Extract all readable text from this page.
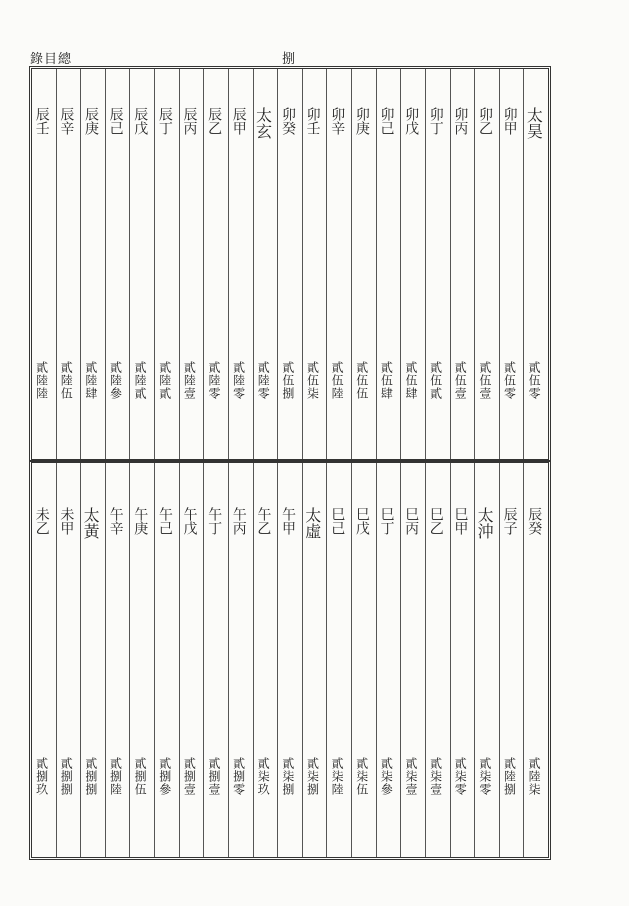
錄目總	捌
太昊
貳伍零
卯甲
貳伍零
卯乙
貳伍壹
卯丙
貳伍壹
卯丁
貳伍貳
卯戊
貳伍肆
卯己
貳伍肆
卯庚
貳伍伍
卯辛
貳伍陸
卯壬
貳伍柒
卯癸
貳伍捌
太玄
貳陸零
辰甲
貳陸零
辰乙
貳陸零
辰丙
貳陸壹
辰丁
貳陸貳
辰戊
貳陸貳
辰己
貳陸參
辰庚
貳陸肆
辰辛
貳陸伍
辰壬
貳陸陸
辰癸
貳陸柒
辰子
貳陸捌
太沖
貳柒零
巳甲
貳柒零
巳乙
貳柒壹
巳丙
貳柒壹
巳丁
貳柒參
巳戊
貳柒伍
巳己
貳柒陸
太虛
貳柒捌
午甲
貳柒捌
午乙
貳柒玖
午丙
貳捌零
午丁
貳捌壹
午戊
貳捌壹
午己
貳捌參
午庚
貳捌伍
午辛
貳捌陸
太黃
貳捌捌
未甲
貳捌捌
未乙
貳捌玖
